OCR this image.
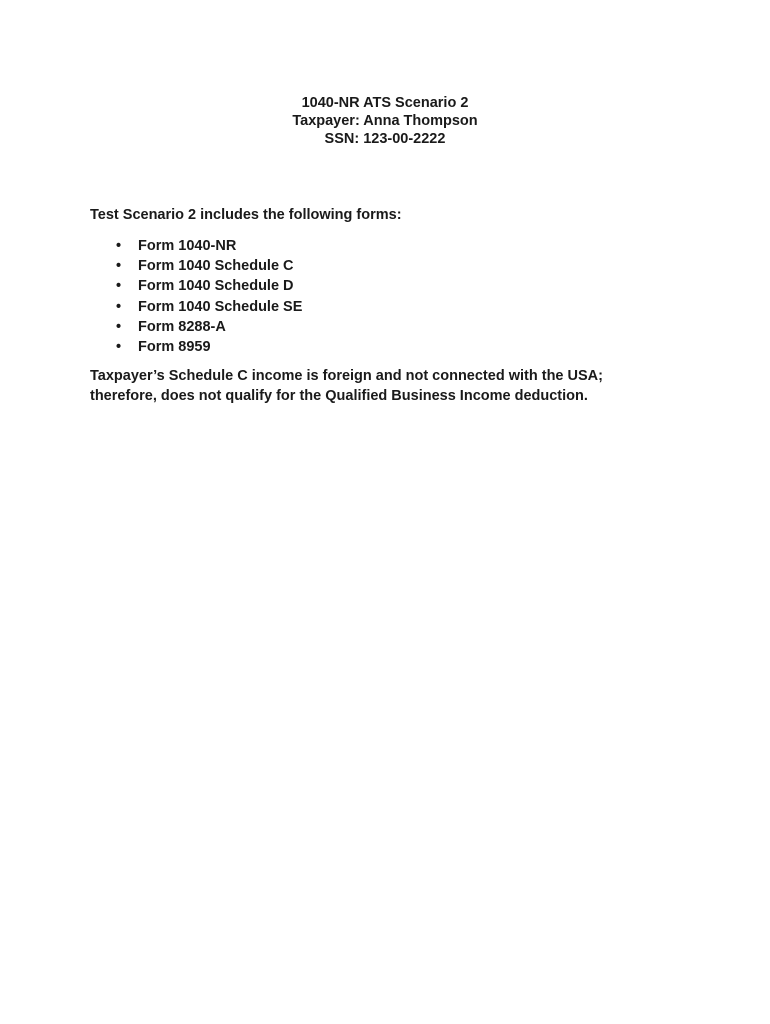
1040-NR ATS Scenario 2
Taxpayer: Anna Thompson
SSN: 123-00-2222

Test Scenario 2 includes the following forms:

• Form 1040-NR
• Form 1040 Schedule C
• Form 1040 Schedule D
• Form 1040 Schedule SE
• Form 8288-A
• Form 8959

Taxpayer’s Schedule C income is foreign and not connected with the USA;
therefore, does not qualify for the Qualified Business Income deduction.
